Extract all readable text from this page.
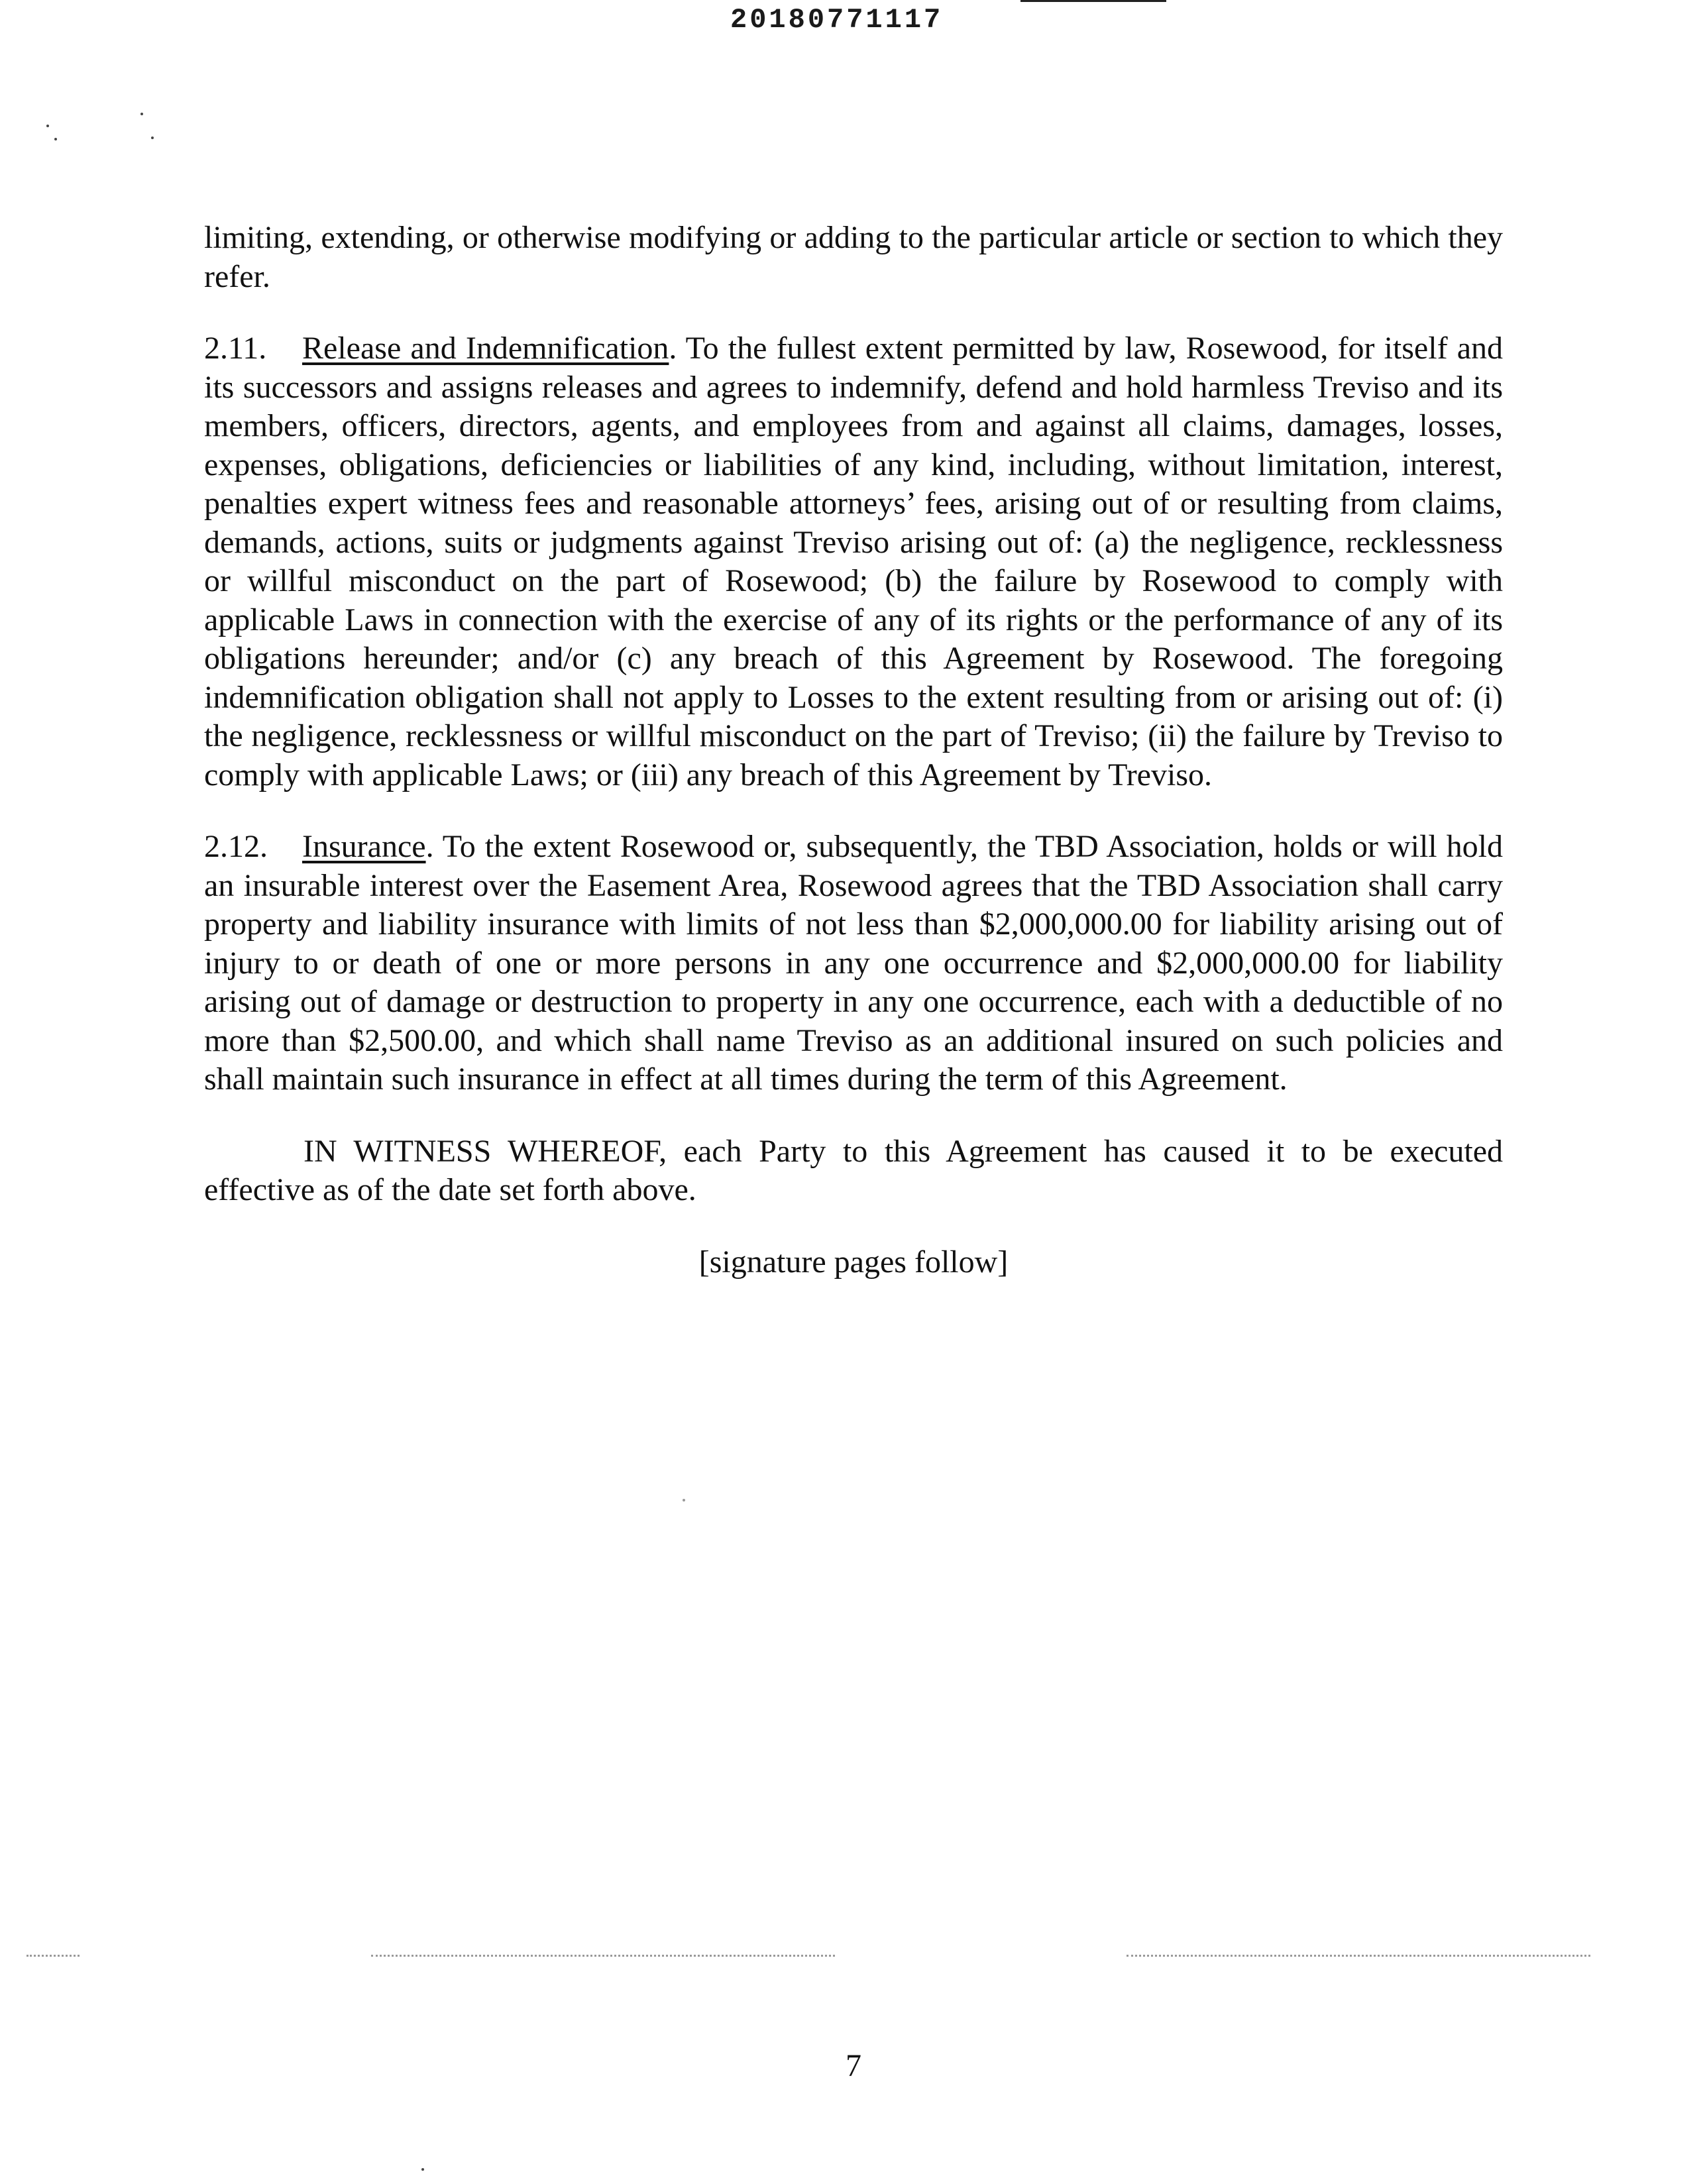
20180771117

limiting, extending, or otherwise modifying or adding to the particular article or section to which they refer.

2.11. Release and Indemnification. To the fullest extent permitted by law, Rosewood, for itself and its successors and assigns releases and agrees to indemnify, defend and hold harmless Treviso and its members, officers, directors, agents, and employees from and against all claims, damages, losses, expenses, obligations, deficiencies or liabilities of any kind, including, without limitation, interest, penalties expert witness fees and reasonable attorneys’ fees, arising out of or resulting from claims, demands, actions, suits or judgments against Treviso arising out of: (a) the negligence, recklessness or willful misconduct on the part of Rosewood; (b) the failure by Rosewood to comply with applicable Laws in connection with the exercise of any of its rights or the performance of any of its obligations hereunder; and/or (c) any breach of this Agreement by Rosewood. The foregoing indemnification obligation shall not apply to Losses to the extent resulting from or arising out of: (i) the negligence, recklessness or willful misconduct on the part of Treviso; (ii) the failure by Treviso to comply with applicable Laws; or (iii) any breach of this Agreement by Treviso.

2.12. Insurance. To the extent Rosewood or, subsequently, the TBD Association, holds or will hold an insurable interest over the Easement Area, Rosewood agrees that the TBD Association shall carry property and liability insurance with limits of not less than $2,000,000.00 for liability arising out of injury to or death of one or more persons in any one occurrence and $2,000,000.00 for liability arising out of damage or destruction to property in any one occurrence, each with a deductible of no more than $2,500.00, and which shall name Treviso as an additional insured on such policies and shall maintain such insurance in effect at all times during the term of this Agreement.

IN WITNESS WHEREOF, each Party to this Agreement has caused it to be executed effective as of the date set forth above.

[signature pages follow]

7
